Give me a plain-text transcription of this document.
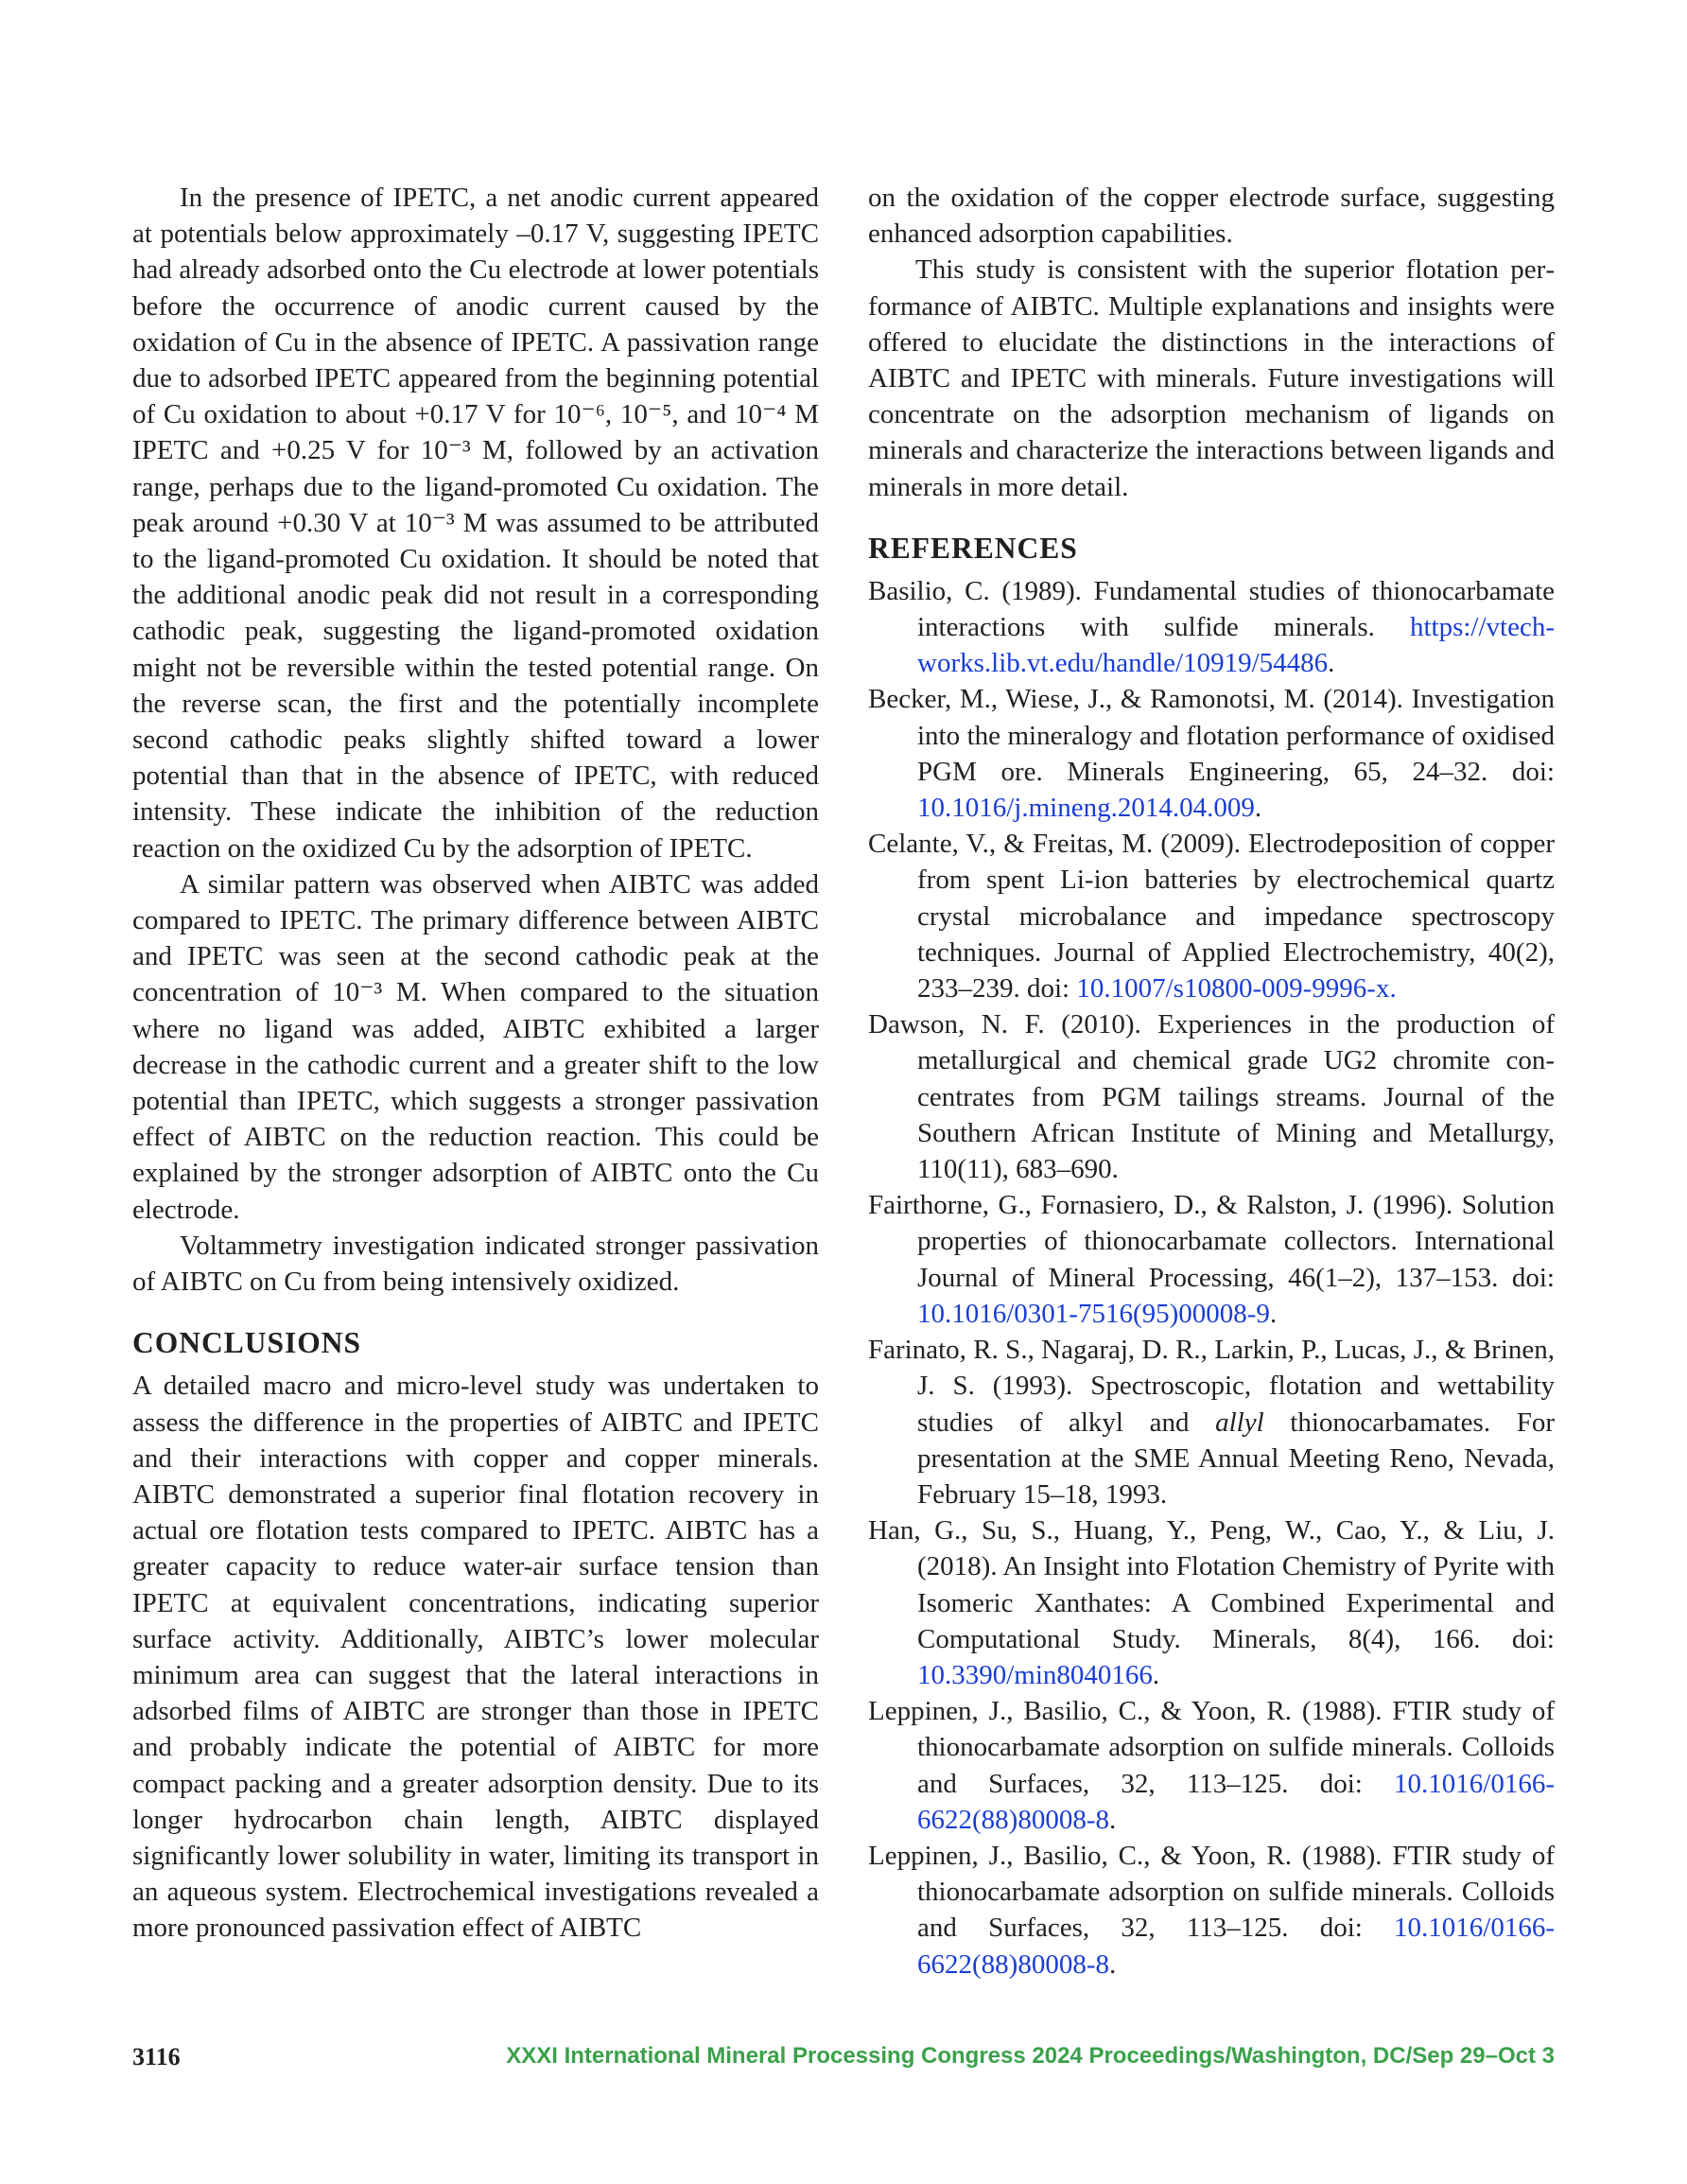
In the presence of IPETC, a net anodic current appeared at potentials below approximately –0.17 V, suggesting IPETC had already adsorbed onto the Cu electrode at lower potentials before the occurrence of anodic current caused by the oxidation of Cu in the absence of IPETC. A passivation range due to adsorbed IPETC appeared from the beginning potential of Cu oxidation to about +0.17 V for 10⁻⁶, 10⁻⁵, and 10⁻⁴ M IPETC and +0.25 V for 10⁻³ M, followed by an activation range, perhaps due to the ligand-promoted Cu oxidation. The peak around +0.30 V at 10⁻³ M was assumed to be attributed to the ligand-promoted Cu oxidation. It should be noted that the additional anodic peak did not result in a corresponding cathodic peak, suggesting the ligand-promoted oxidation might not be reversible within the tested potential range. On the reverse scan, the first and the potentially incomplete second cathodic peaks slightly shifted toward a lower potential than that in the absence of IPETC, with reduced intensity. These indicate the inhibition of the reduction reaction on the oxidized Cu by the adsorption of IPETC.

A similar pattern was observed when AIBTC was added compared to IPETC. The primary difference between AIBTC and IPETC was seen at the second cathodic peak at the concentration of 10⁻³ M. When compared to the situation where no ligand was added, AIBTC exhibited a larger decrease in the cathodic current and a greater shift to the low potential than IPETC, which suggests a stronger passivation effect of AIBTC on the reduction reaction. This could be explained by the stronger adsorption of AIBTC onto the Cu electrode.

Voltammetry investigation indicated stronger passivation of AIBTC on Cu from being intensively oxidized.

CONCLUSIONS

A detailed macro and micro-level study was undertaken to assess the difference in the properties of AIBTC and IPETC and their interactions with copper and copper minerals. AIBTC demonstrated a superior final flotation recovery in actual ore flotation tests compared to IPETC. AIBTC has a greater capacity to reduce water-air surface tension than IPETC at equivalent concentrations, indicating superior surface activity. Additionally, AIBTC’s lower molecular minimum area can suggest that the lateral interactions in adsorbed films of AIBTC are stronger than those in IPETC and probably indicate the potential of AIBTC for more compact packing and a greater adsorption density. Due to its longer hydrocarbon chain length, AIBTC displayed significantly lower solubility in water, limiting its transport in an aqueous system. Electrochemical investigations revealed a more pronounced passivation effect of AIBTC

on the oxidation of the copper electrode surface, suggesting enhanced adsorption capabilities.

This study is consistent with the superior flotation performance of AIBTC. Multiple explanations and insights were offered to elucidate the distinctions in the interactions of AIBTC and IPETC with minerals. Future investigations will concentrate on the adsorption mechanism of ligands on minerals and characterize the interactions between ligands and minerals in more detail.

REFERENCES

Basilio, C. (1989). Fundamental studies of thionocarbamate interactions with sulfide minerals. https://vtechworks.lib.vt.edu/handle/10919/54486.

Becker, M., Wiese, J., & Ramonotsi, M. (2014). Investigation into the mineralogy and flotation performance of oxidised PGM ore. Minerals Engineering, 65, 24–32. doi: 10.1016/j.mineng.2014.04.009.

Celante, V., & Freitas, M. (2009). Electrodeposition of copper from spent Li-ion batteries by electrochemical quartz crystal microbalance and impedance spectroscopy techniques. Journal of Applied Electrochemistry, 40(2), 233–239. doi: 10.1007/s10800-009-9996-x.

Dawson, N. F. (2010). Experiences in the production of metallurgical and chemical grade UG2 chromite concentrates from PGM tailings streams. Journal of the Southern African Institute of Mining and Metallurgy, 110(11), 683–690.

Fairthorne, G., Fornasiero, D., & Ralston, J. (1996). Solution properties of thionocarbamate collectors. International Journal of Mineral Processing, 46(1–2), 137–153. doi: 10.1016/0301-7516(95)00008-9.

Farinato, R. S., Nagaraj, D. R., Larkin, P., Lucas, J., & Brinen, J. S. (1993). Spectroscopic, flotation and wettability studies of alkyl and allyl thionocarbamates. For presentation at the SME Annual Meeting Reno, Nevada, February 15–18, 1993.

Han, G., Su, S., Huang, Y., Peng, W., Cao, Y., & Liu, J. (2018). An Insight into Flotation Chemistry of Pyrite with Isomeric Xanthates: A Combined Experimental and Computational Study. Minerals, 8(4), 166. doi: 10.3390/min8040166.

Leppinen, J., Basilio, C., & Yoon, R. (1988). FTIR study of thionocarbamate adsorption on sulfide minerals. Colloids and Surfaces, 32, 113–125. doi: 10.1016/0166-6622(88)80008-8.

Leppinen, J., Basilio, C., & Yoon, R. (1988). FTIR study of thionocarbamate adsorption on sulfide minerals. Colloids and Surfaces, 32, 113–125. doi: 10.1016/0166-6622(88)80008-8.

3116	XXXI International Mineral Processing Congress 2024 Proceedings/Washington, DC/Sep 29–Oct 3
